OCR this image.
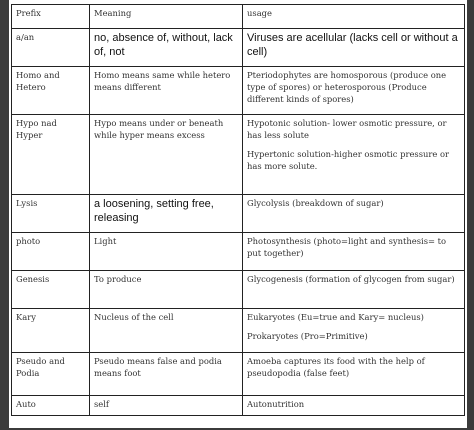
Prefix	Meaning	usage
a/an	no, absence of, without, lack of, not	Viruses are acellular (lacks cell or without a cell)

Homo and Hetero	Homo means same while hetero means different	Pteriodophytes are homosporous (produce one type of spores) or heterosporous (Produce different kinds of spores)

Hypo nad Hyper	Hypo means under or beneath while hyper means excess	Hypotonic solution- lower osmotic pressure, or has less solute
Hypertonic solution-higher osmotic pressure or has more solute.

Lysis	a loosening, setting free, releasing	Glycolysis (breakdown of sugar)

photo	Light	Photosynthesis (photo=light and synthesis= to put together)

Genesis	To produce	Glycogenesis (formation of glycogen from sugar)

Kary	Nucleus of the cell	Eukaryotes (Eu=true and Kary= nucleus)
Prokaryotes (Pro=Primitive)

Pseudo and Podia	Pseudo means false and podia means foot	Amoeba captures its food with the help of pseudopodia (false feet)

Auto	self	Autonutrition
